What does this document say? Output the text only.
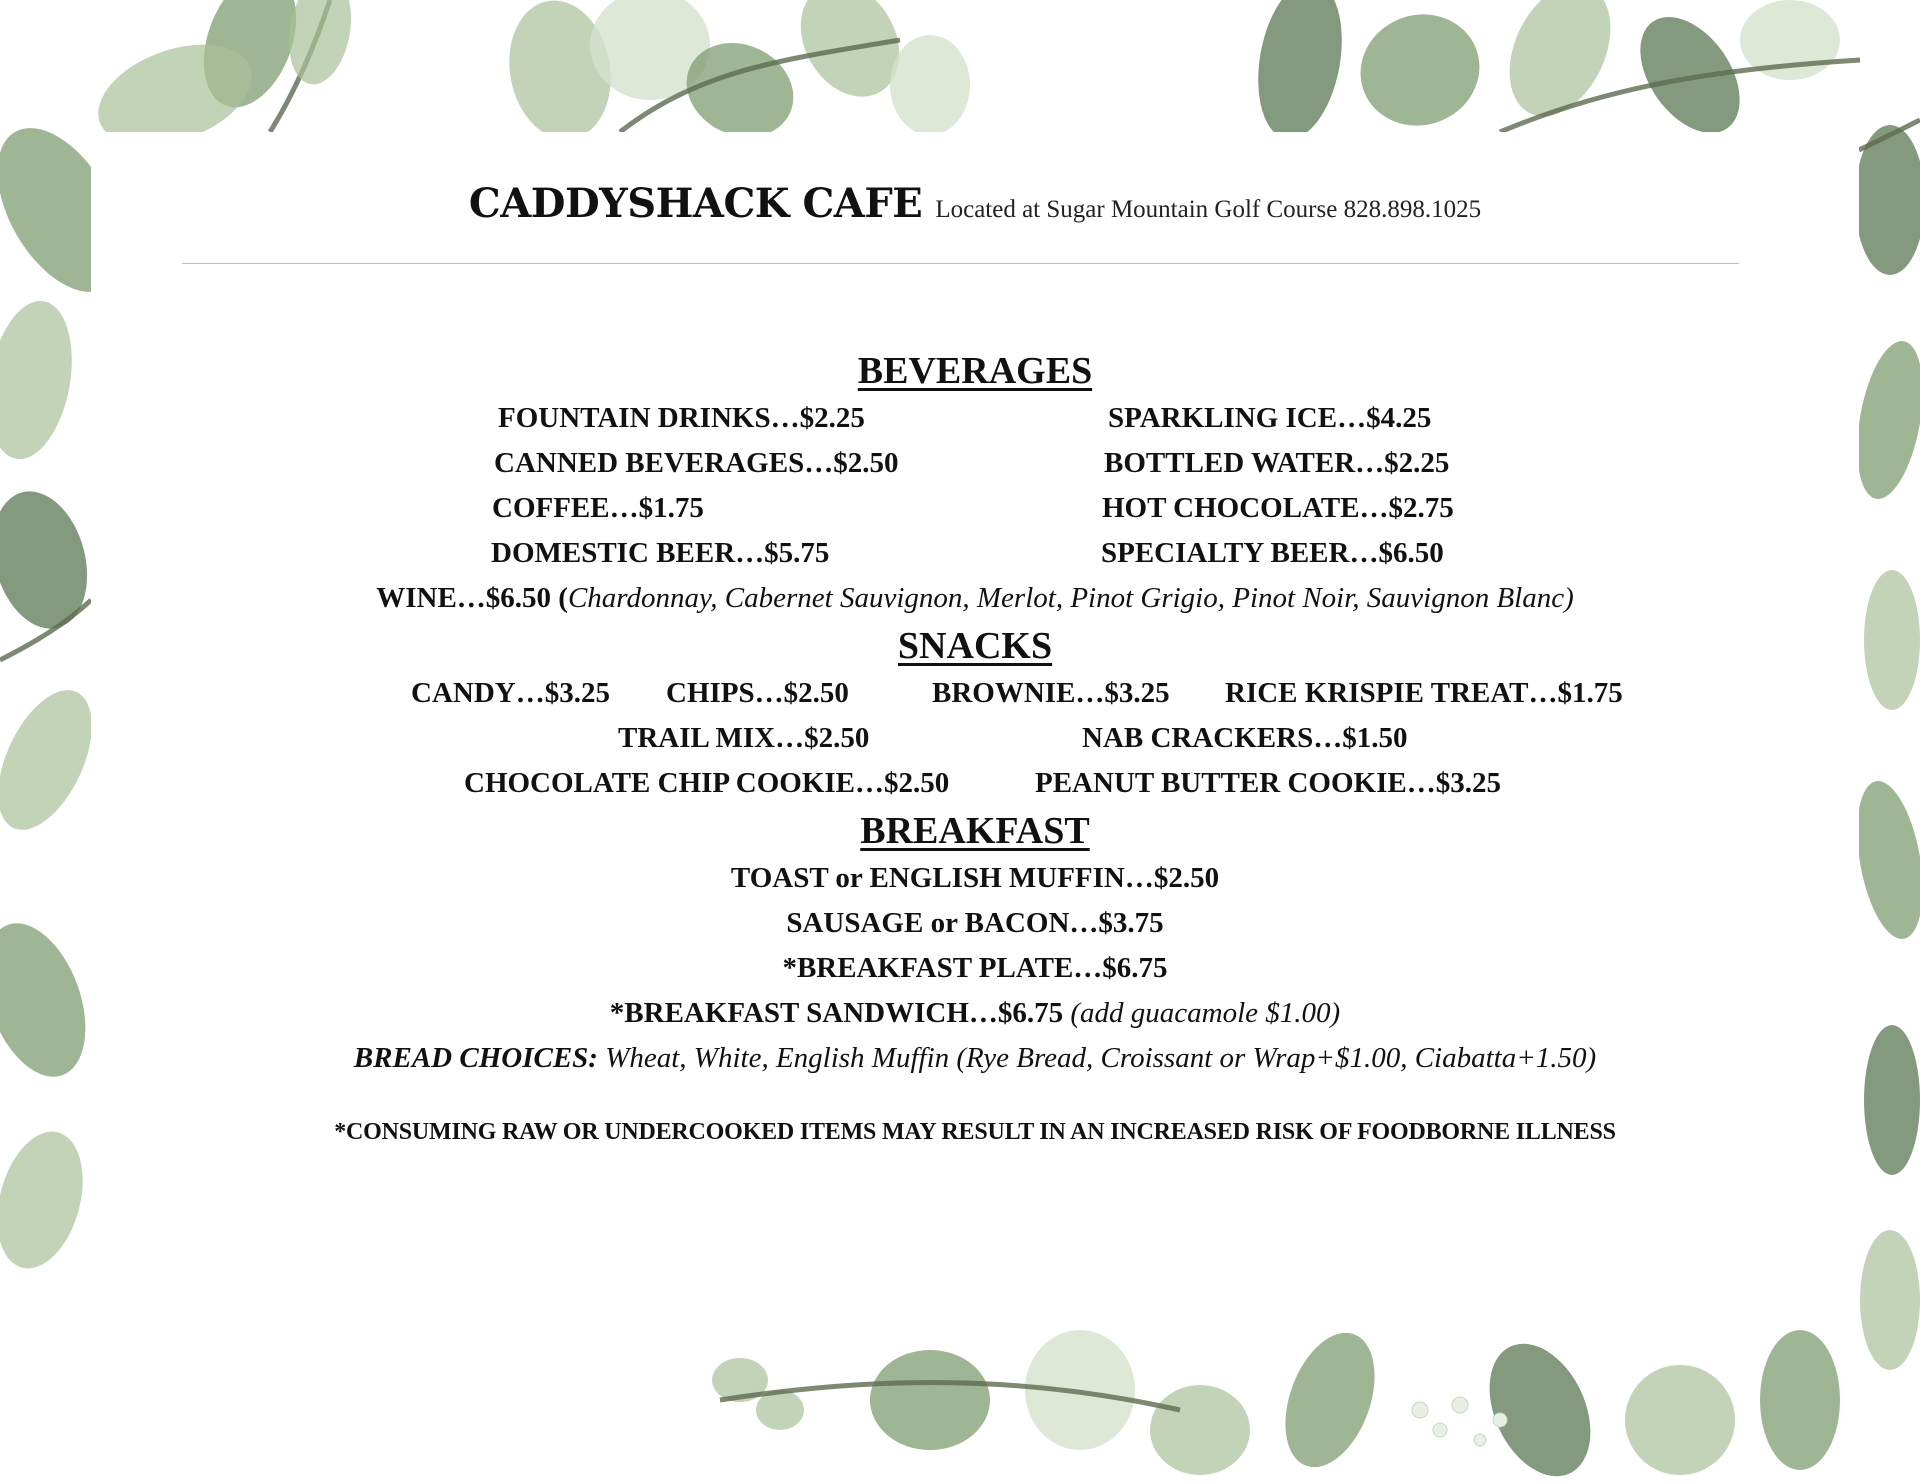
CADDYSHACK CAFE Located at Sugar Mountain Golf Course 828.898.1025
BEVERAGES
FOUNTAIN DRINKS…$2.25	SPARKLING ICE…$4.25
CANNED BEVERAGES…$2.50	BOTTLED WATER…$2.25
COFFEE…$1.75	HOT CHOCOLATE…$2.75
DOMESTIC BEER…$5.75	SPECIALTY BEER…$6.50
WINE…$6.50 (Chardonnay, Cabernet Sauvignon, Merlot, Pinot Grigio, Pinot Noir, Sauvignon Blanc)
SNACKS
CANDY…$3.25 CHIPS…$2.50	BROWNIE…$3.25 RICE KRISPIE TREAT…$1.75
TRAIL MIX…$2.50	NAB CRACKERS…$1.50
CHOCOLATE CHIP COOKIE…$2.50	PEANUT BUTTER COOKIE…$3.25
BREAKFAST
TOAST or ENGLISH MUFFIN…$2.50
SAUSAGE or BACON…$3.75
*BREAKFAST PLATE…$6.75
*BREAKFAST SANDWICH…$6.75 (add guacamole $1.00)
BREAD CHOICES: Wheat, White, English Muffin (Rye Bread, Croissant or Wrap+$1.00, Ciabatta+1.50)
*CONSUMING RAW OR UNDERCOOKED ITEMS MAY RESULT IN AN INCREASED RISK OF FOODBORNE ILLNESS
